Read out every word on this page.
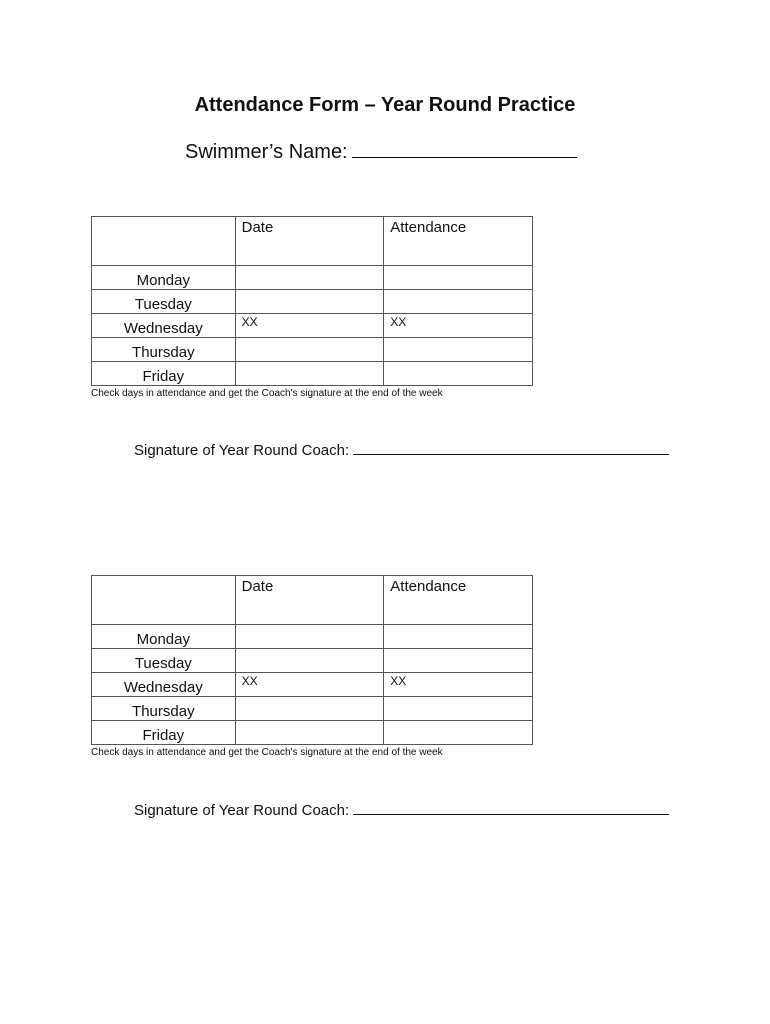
Attendance Form – Year Round Practice
Swimmer’s Name:
	Date	Attendance
Monday		
Tuesday		
Wednesday	XX	XX
Thursday		
Friday		
Check days in attendance and get the Coach's signature at the end of the week
Signature of Year Round Coach:
	Date	Attendance
Monday		
Tuesday		
Wednesday	XX	XX
Thursday		
Friday		
Check days in attendance and get the Coach's signature at the end of the week
Signature of Year Round Coach:
